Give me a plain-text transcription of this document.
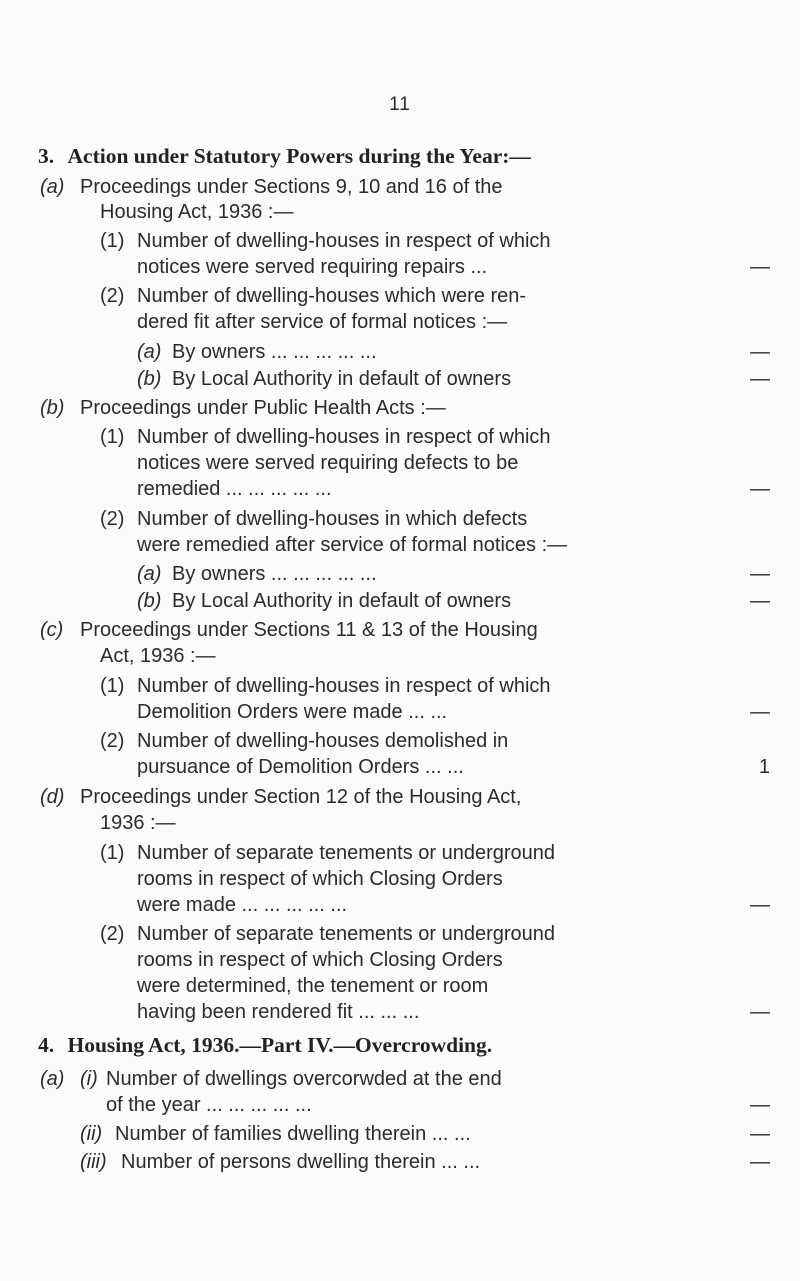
11
3. Action under Statutory Powers during the Year:—
(a) Proceedings under Sections 9, 10 and 16 of the
Housing Act, 1936 :—
(1) Number of dwelling-houses in respect of which
notices were served requiring repairs ...	—
(2) Number of dwelling-houses which were ren-
dered fit after service of formal notices :—
(a) By owners ... ... ... ... ...	—
(b) By Local Authority in default of owners	—
(b) Proceedings under Public Health Acts :—
(1) Number of dwelling-houses in respect of which
notices were served requiring defects to be
remedied ... ... ... ... ...	—
(2) Number of dwelling-houses in which defects
were remedied after service of formal notices :—
(a) By owners ... ... ... ... ...	—
(b) By Local Authority in default of owners	—
(c) Proceedings under Sections 11 & 13 of the Housing
Act, 1936 :—
(1) Number of dwelling-houses in respect of which
Demolition Orders were made ... ...	—
(2) Number of dwelling-houses demolished in
pursuance of Demolition Orders ... ...	1
(d) Proceedings under Section 12 of the Housing Act,
1936 :—
(1) Number of separate tenements or underground
rooms in respect of which Closing Orders
were made ... ... ... ... ...	—
(2) Number of separate tenements or underground
rooms in respect of which Closing Orders
were determined, the tenement or room
having been rendered fit ... ... ...	—
4. Housing Act, 1936.—Part IV.—Overcrowding.
(a) (i) Number of dwellings overcorwded at the end
of the year ... ... ... ... ...	—
(ii) Number of families dwelling therein ... ...	—
(iii) Number of persons dwelling therein ... ...	—
